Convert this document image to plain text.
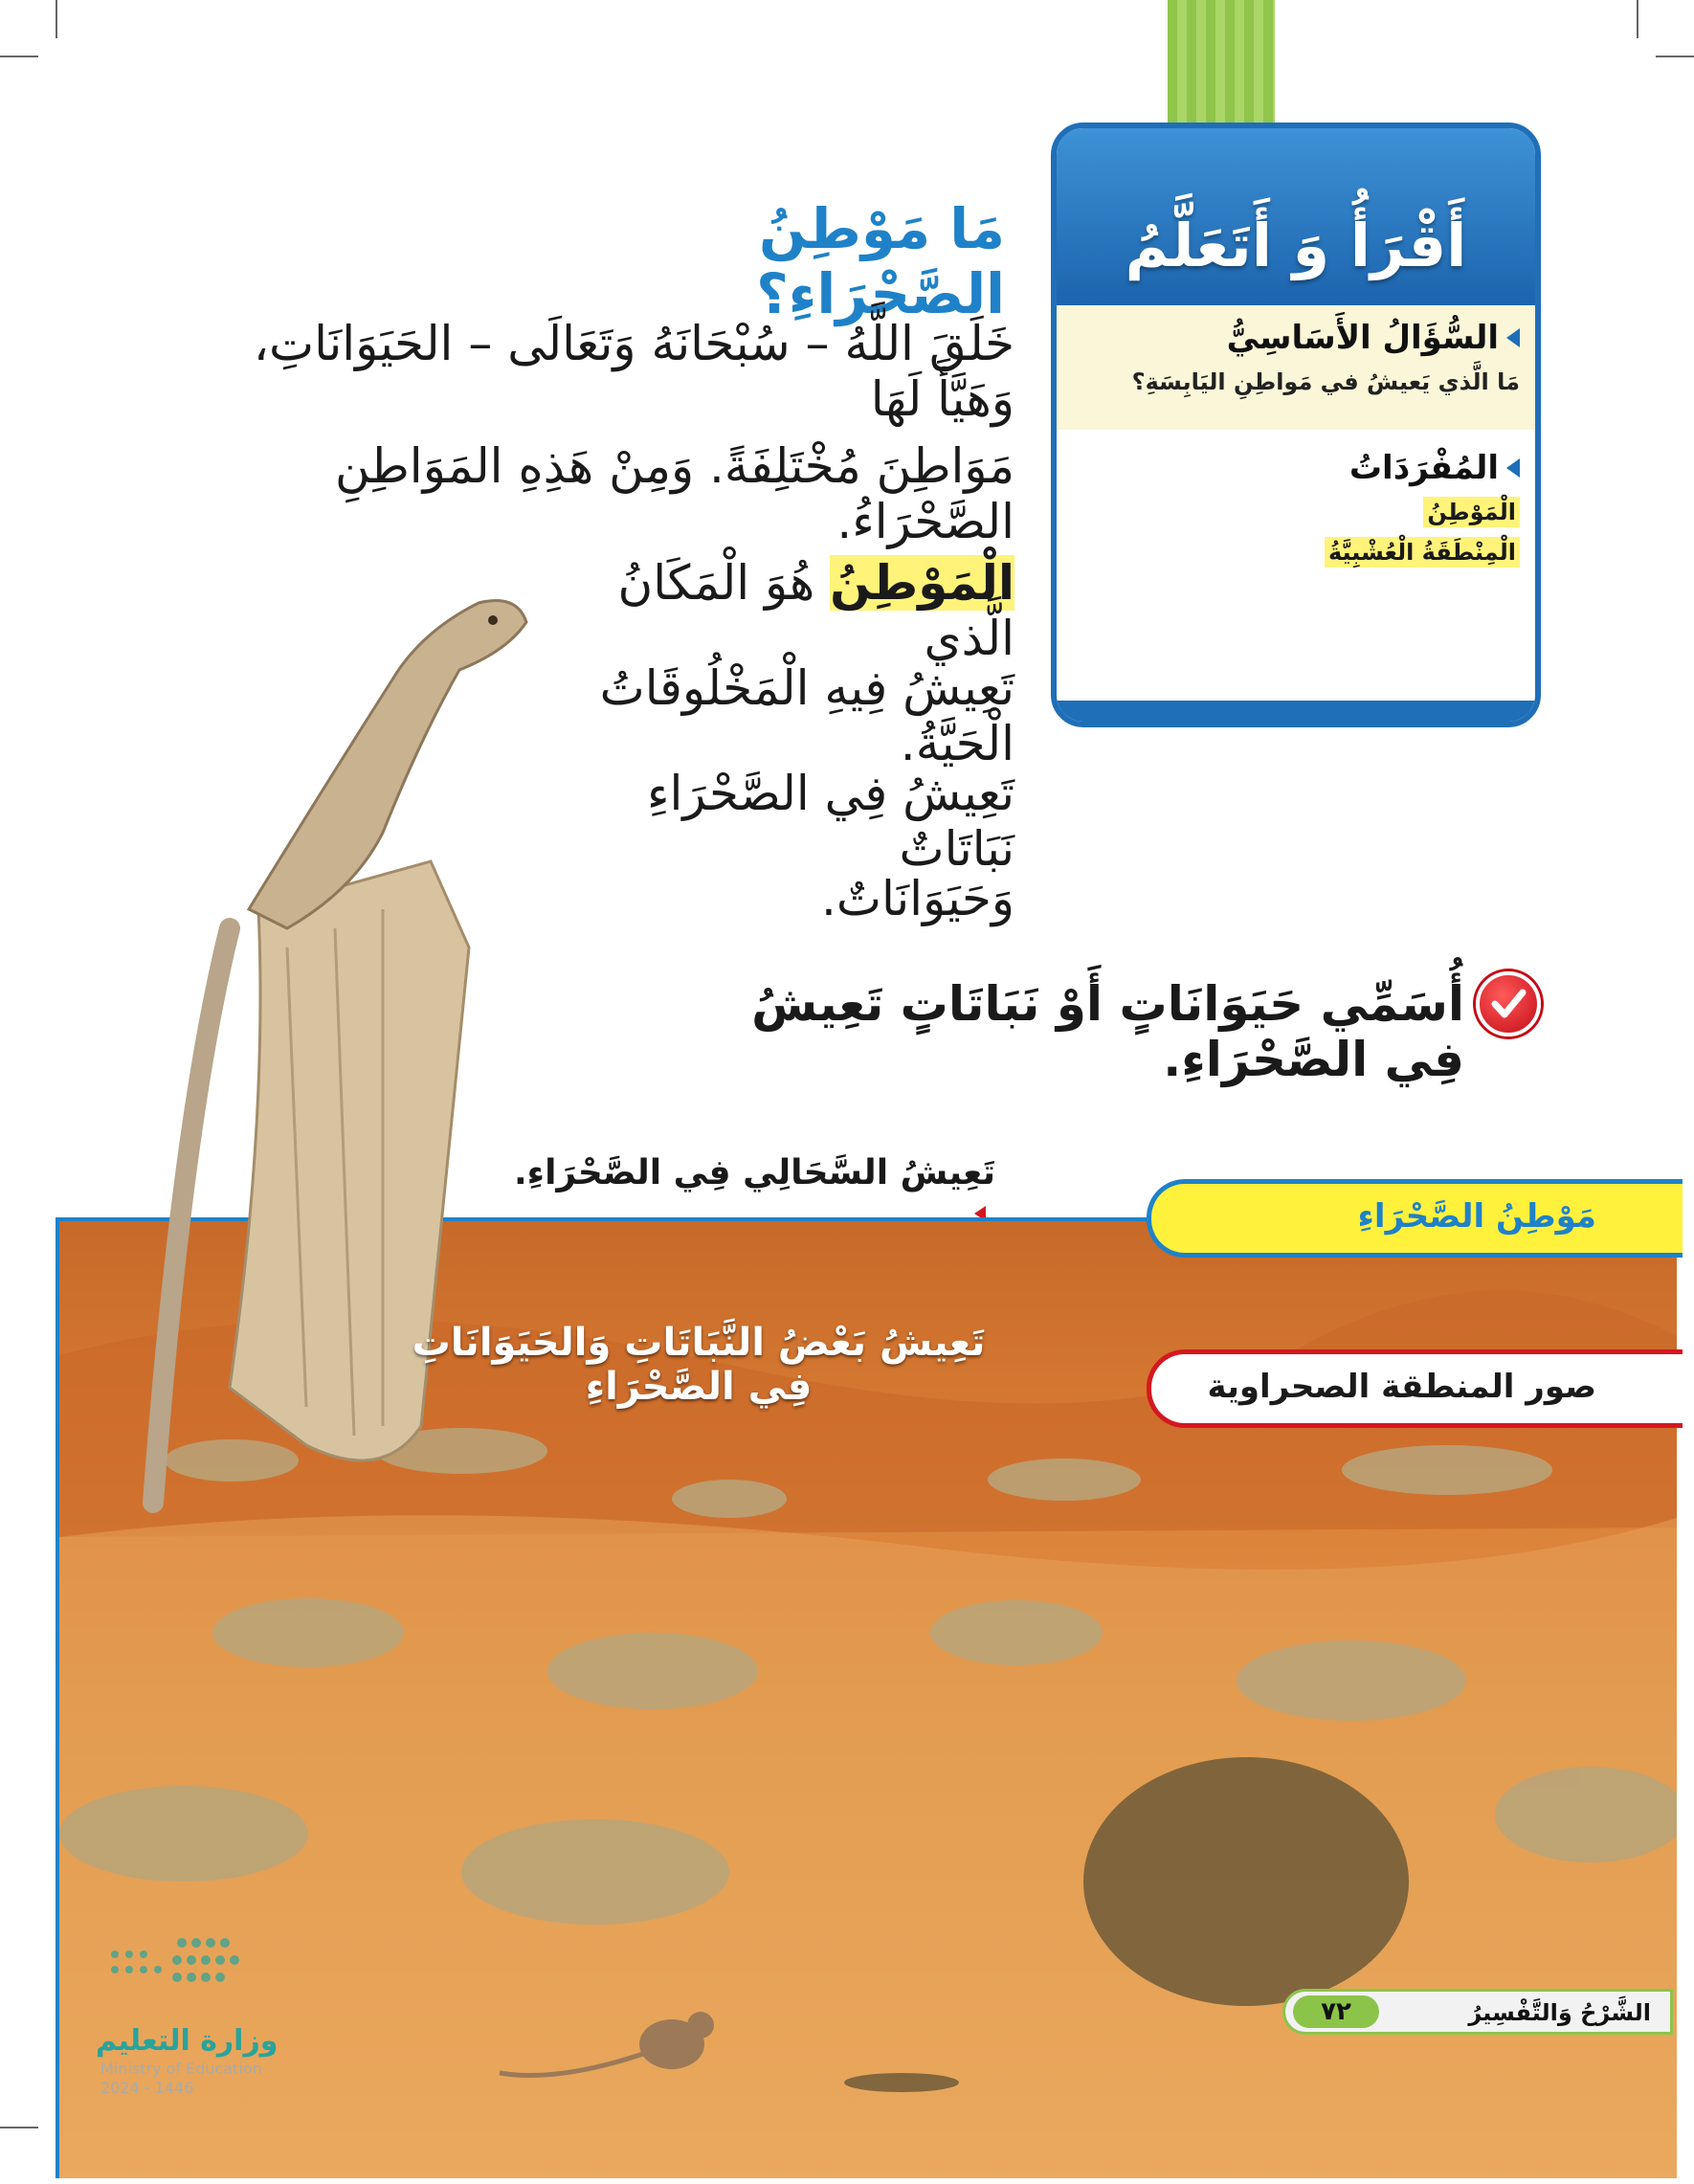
أَقْرَأُ وَ أَتَعَلَّمُ
السُّؤَالُ الأَسَاسِيُّ
مَا الَّذي يَعيشُ في مَواطِنِ اليَابِسَةِ؟
المُفْرَدَاتُ
الْمَوْطِنُ
الْمِنْطَقَةُ الْعُشْبِيَّةُ
مَا مَوْطِنُ الصَّحْرَاءِ؟
خَلَقَ اللَّهُ – سُبْحَانَهُ وَتَعَالَى – الحَيَوَانَاتِ، وَهَيَّأَ لَهَا
مَوَاطِنَ مُخْتَلِفَةً. وَمِنْ هَذِهِ المَوَاطِنِ الصَّحْرَاءُ.
الْمَوْطِنُ هُوَ الْمَكَانُ الَّذي
تَعِيشُ فِيهِ الْمَخْلُوقَاتُ الْحَيَّةُ.
تَعِيشُ فِي الصَّحْرَاءِ نَبَاتَاتٌ
وَحَيَوَانَاتٌ.
أُسَمِّي حَيَوَانَاتٍ أَوْ نَبَاتَاتٍ تَعِيشُ فِي الصَّحْرَاءِ.
تَعِيشُ السَّحَالِي فِي الصَّحْرَاءِ.
مَوْطِنُ الصَّحْرَاءِ
تَعِيشُ بَعْضُ النَّبَاتَاتِ وَالحَيَوَانَاتِ فِي الصَّحْرَاءِ	صور المنطقة الصحراوية
الشَّرْحُ وَالتَّفْسِيرُ
٧٢
وزارة التعليم
Ministry of Education
2024 - 1446
